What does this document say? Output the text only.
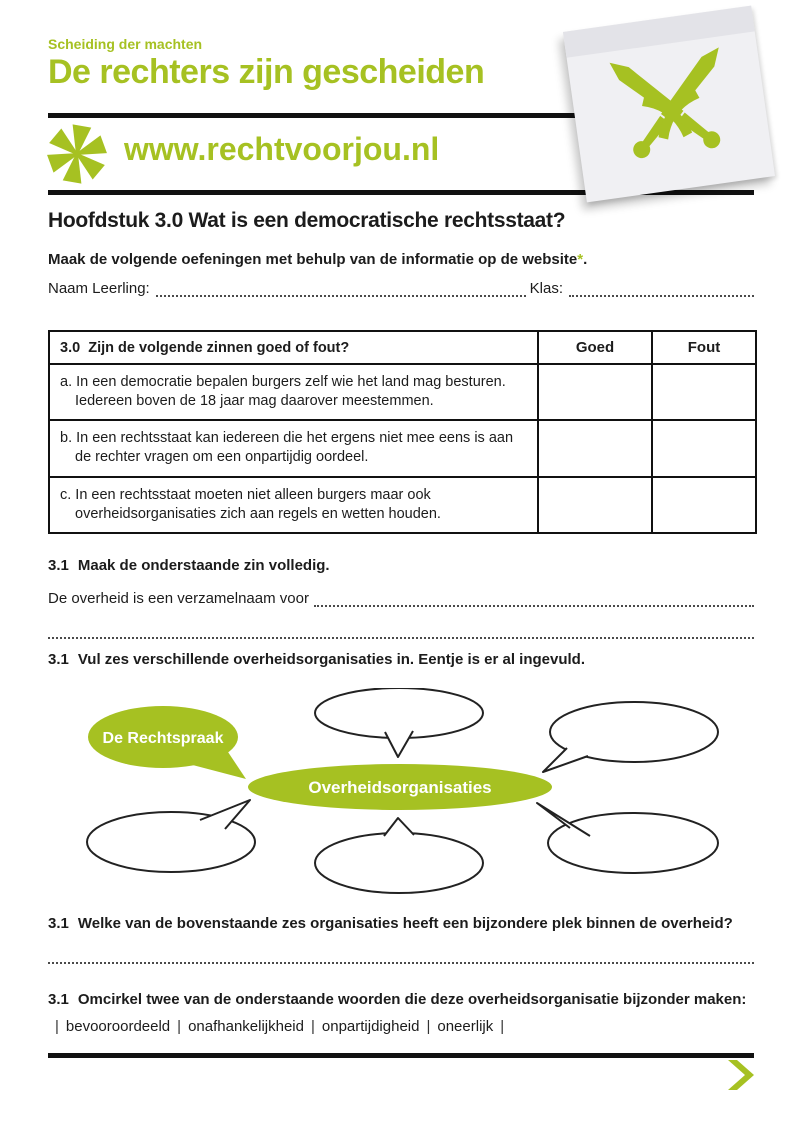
Scheiding der machten
De rechters zijn gescheiden
www.rechtvoorjou.nl
Hoofdstuk 3.0 Wat is een democratische rechtsstaat?
Maak de volgende oefeningen met behulp van de informatie op de website*.
Naam Leerling:	Klas:
3.0 Zijn de volgende zinnen goed of fout?	Goed	Fout

a. In een democratie bepalen burgers zelf wie het land mag besturen.
Iedereen boven de 18 jaar mag daarover meestemmen.		

b. In een rechtsstaat kan iedereen die het ergens niet mee eens is aan
de rechter vragen om een onpartijdig oordeel.		

c. In een rechtsstaat moeten niet alleen burgers maar ook
overheidsorganisaties zich aan regels en wetten houden.		

3.1 Maak de onderstaande zin volledig.
De overheid is een verzamelnaam voor
3.1 Vul zes verschillende overheidsorganisaties in. Eentje is er al ingevuld.
De Rechtspraak
Overheidsorganisaties
3.1 Welke van de bovenstaande zes organisaties heeft een bijzondere plek binnen de overheid?
3.1 Omcirkel twee van de onderstaande woorden die deze overheidsorganisatie bijzonder maken:
| bevooroordeeld | onafhankelijkheid | onpartijdigheid | oneerlijk |
